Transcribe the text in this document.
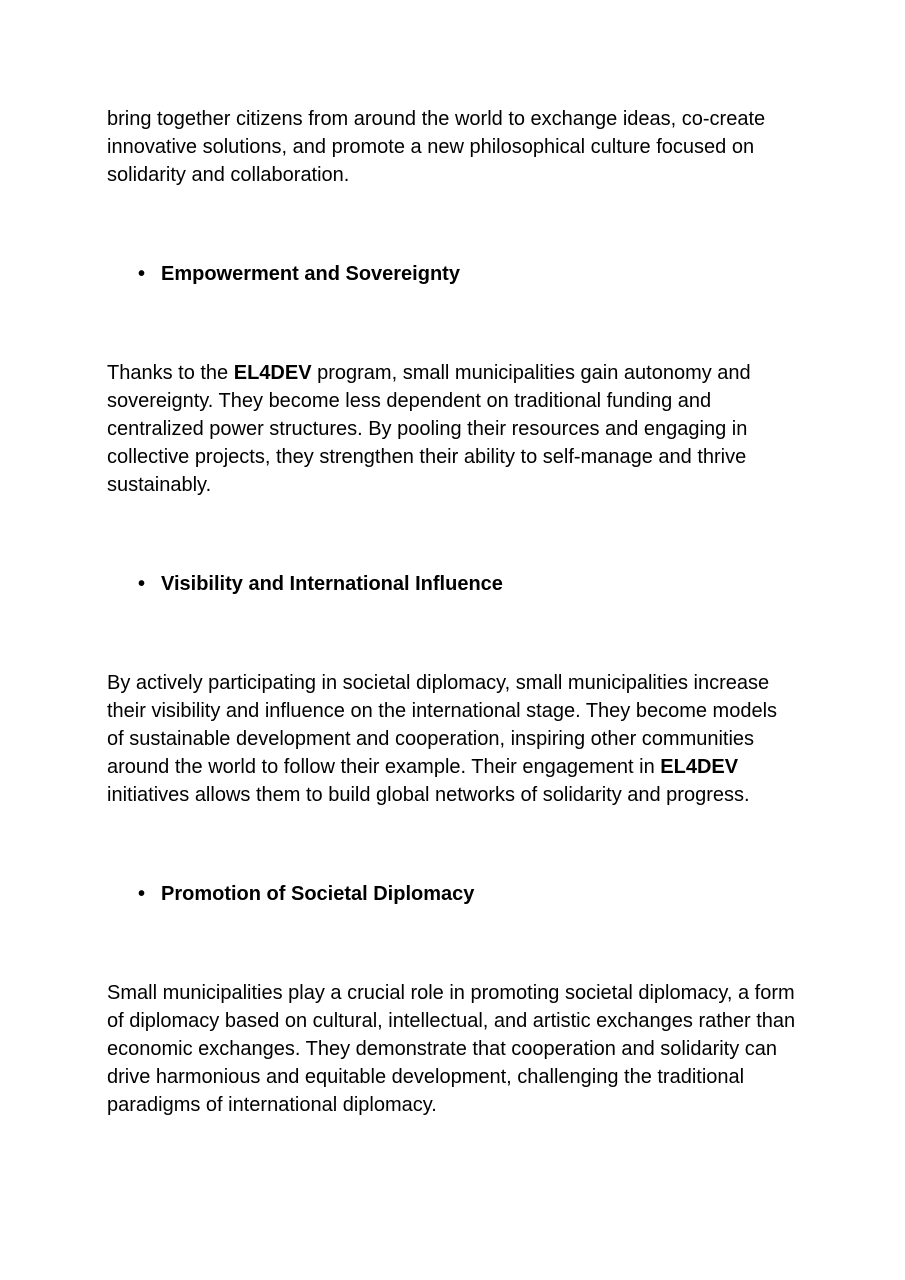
bring together citizens from around the world to exchange ideas, co-create innovative solutions, and promote a new philosophical culture focused on solidarity and collaboration.

• Empowerment and Sovereignty

Thanks to the EL4DEV program, small municipalities gain autonomy and sovereignty. They become less dependent on traditional funding and centralized power structures. By pooling their resources and engaging in collective projects, they strengthen their ability to self-manage and thrive sustainably.

• Visibility and International Influence

By actively participating in societal diplomacy, small municipalities increase their visibility and influence on the international stage. They become models of sustainable development and cooperation, inspiring other communities around the world to follow their example. Their engagement in EL4DEV initiatives allows them to build global networks of solidarity and progress.

• Promotion of Societal Diplomacy

Small municipalities play a crucial role in promoting societal diplomacy, a form of diplomacy based on cultural, intellectual, and artistic exchanges rather than economic exchanges. They demonstrate that cooperation and solidarity can drive harmonious and equitable development, challenging the traditional paradigms of international diplomacy.
